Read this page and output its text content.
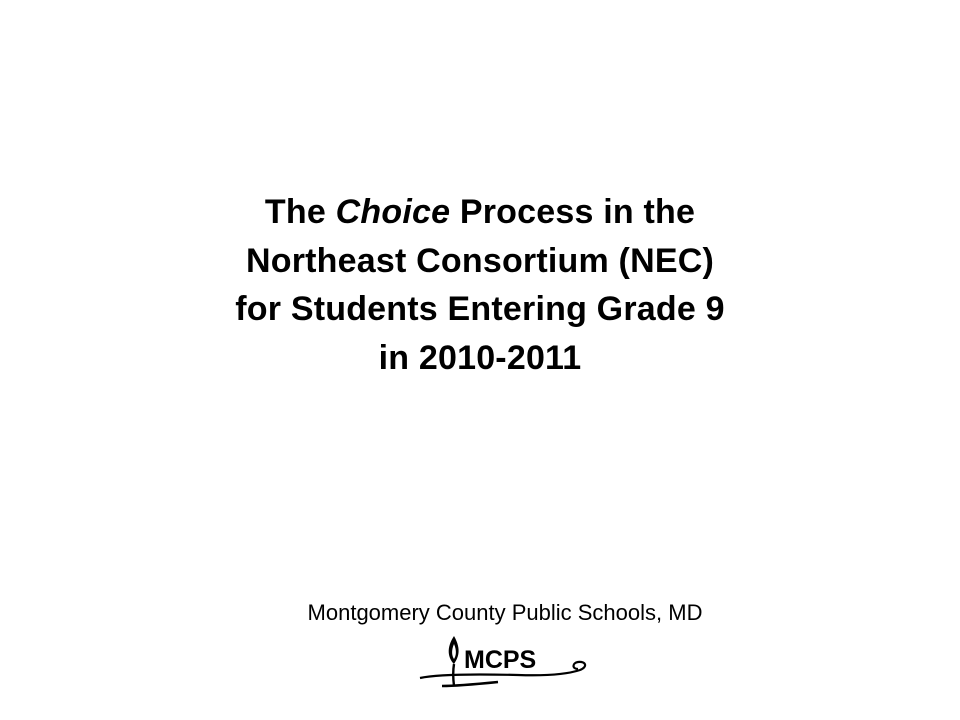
The Choice Process in the
Northeast Consortium (NEC)
for Students Entering Grade 9
in 2010-2011
Montgomery County Public Schools, MD
MCPS
